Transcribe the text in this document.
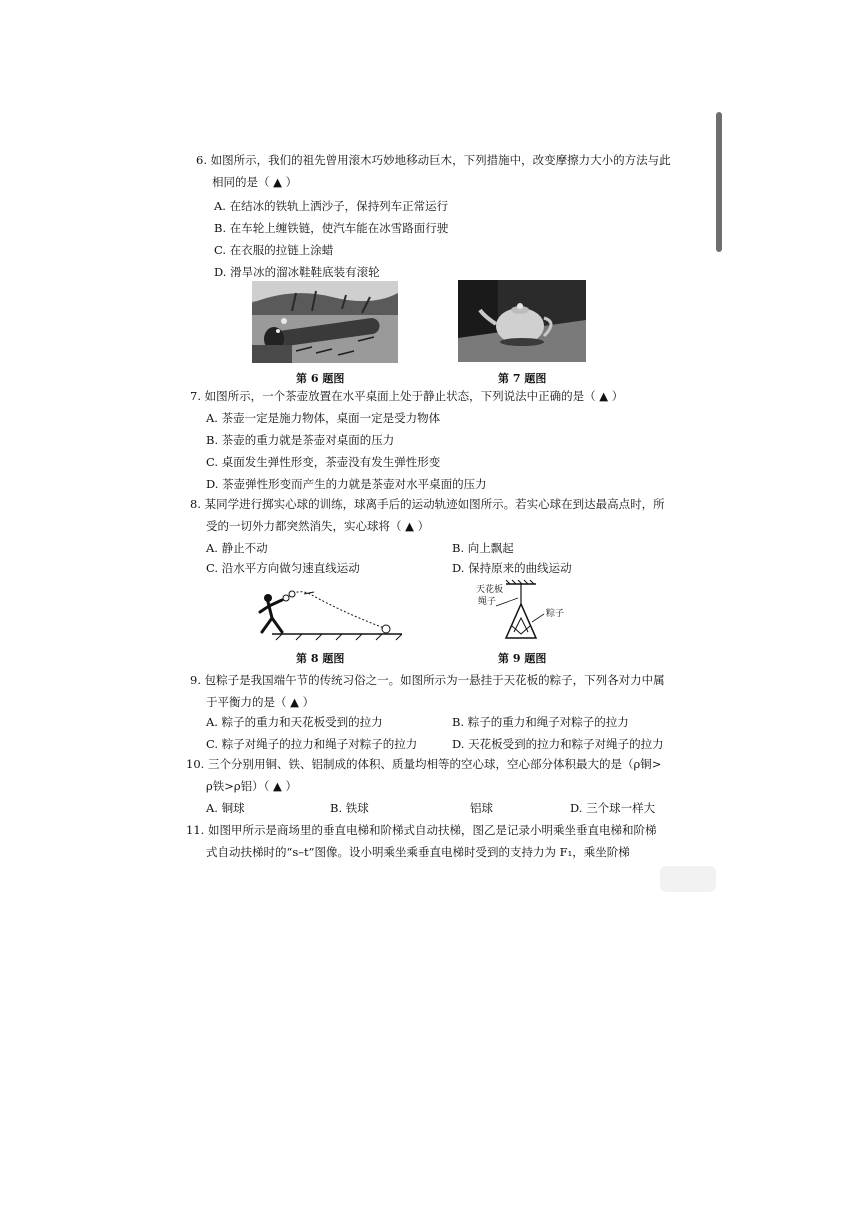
6. 如图所示，我们的祖先曾用滚木巧妙地移动巨木，下列措施中，改变摩擦力大小的方法与此
相同的是（ ▲ ）
A. 在结冰的铁轨上洒沙子，保持列车正常运行
B. 在车轮上缠铁链，使汽车能在冰雪路面行驶
C. 在衣服的拉链上涂蜡
D. 滑旱冰的溜冰鞋鞋底装有滚轮
第 6 题图	第 7 题图
7. 如图所示，一个茶壶放置在水平桌面上处于静止状态，下列说法中正确的是（ ▲ ）
A. 茶壶一定是施力物体，桌面一定是受力物体
B. 茶壶的重力就是茶壶对桌面的压力
C. 桌面发生弹性形变，茶壶没有发生弹性形变
D. 茶壶弹性形变而产生的力就是茶壶对水平桌面的压力
8. 某同学进行掷实心球的训练，球离手后的运动轨迹如图所示。若实心球在到达最高点时，所
受的一切外力都突然消失，实心球将（ ▲ ）
A. 静止不动	B. 向上飘起
C. 沿水平方向做匀速直线运动	D. 保持原来的曲线运动
第 8 题图
天花板
绳子
粽子
第 9 题图
9. 包粽子是我国端午节的传统习俗之一。如图所示为一悬挂于天花板的粽子，下列各对力中属
于平衡力的是（ ▲ ）
A. 粽子的重力和天花板受到的拉力	B. 粽子的重力和绳子对粽子的拉力
C. 粽子对绳子的拉力和绳子对粽子的拉力	D. 天花板受到的拉力和粽子对绳子的拉力
10. 三个分别用铜、铁、铝制成的体积、质量均相等的空心球，空心部分体积最大的是（ρ铜>
ρ铁>ρ铝）（ ▲ ）
A. 铜球	B. 铁球	铝球	D. 三个球一样大
11. 如图甲所示是商场里的垂直电梯和阶梯式自动扶梯，图乙是记录小明乘坐垂直电梯和阶梯
式自动扶梯时的“s–t”图像。设小明乘坐乘垂直电梯时受到的支持力为 F₁，乘坐阶梯
